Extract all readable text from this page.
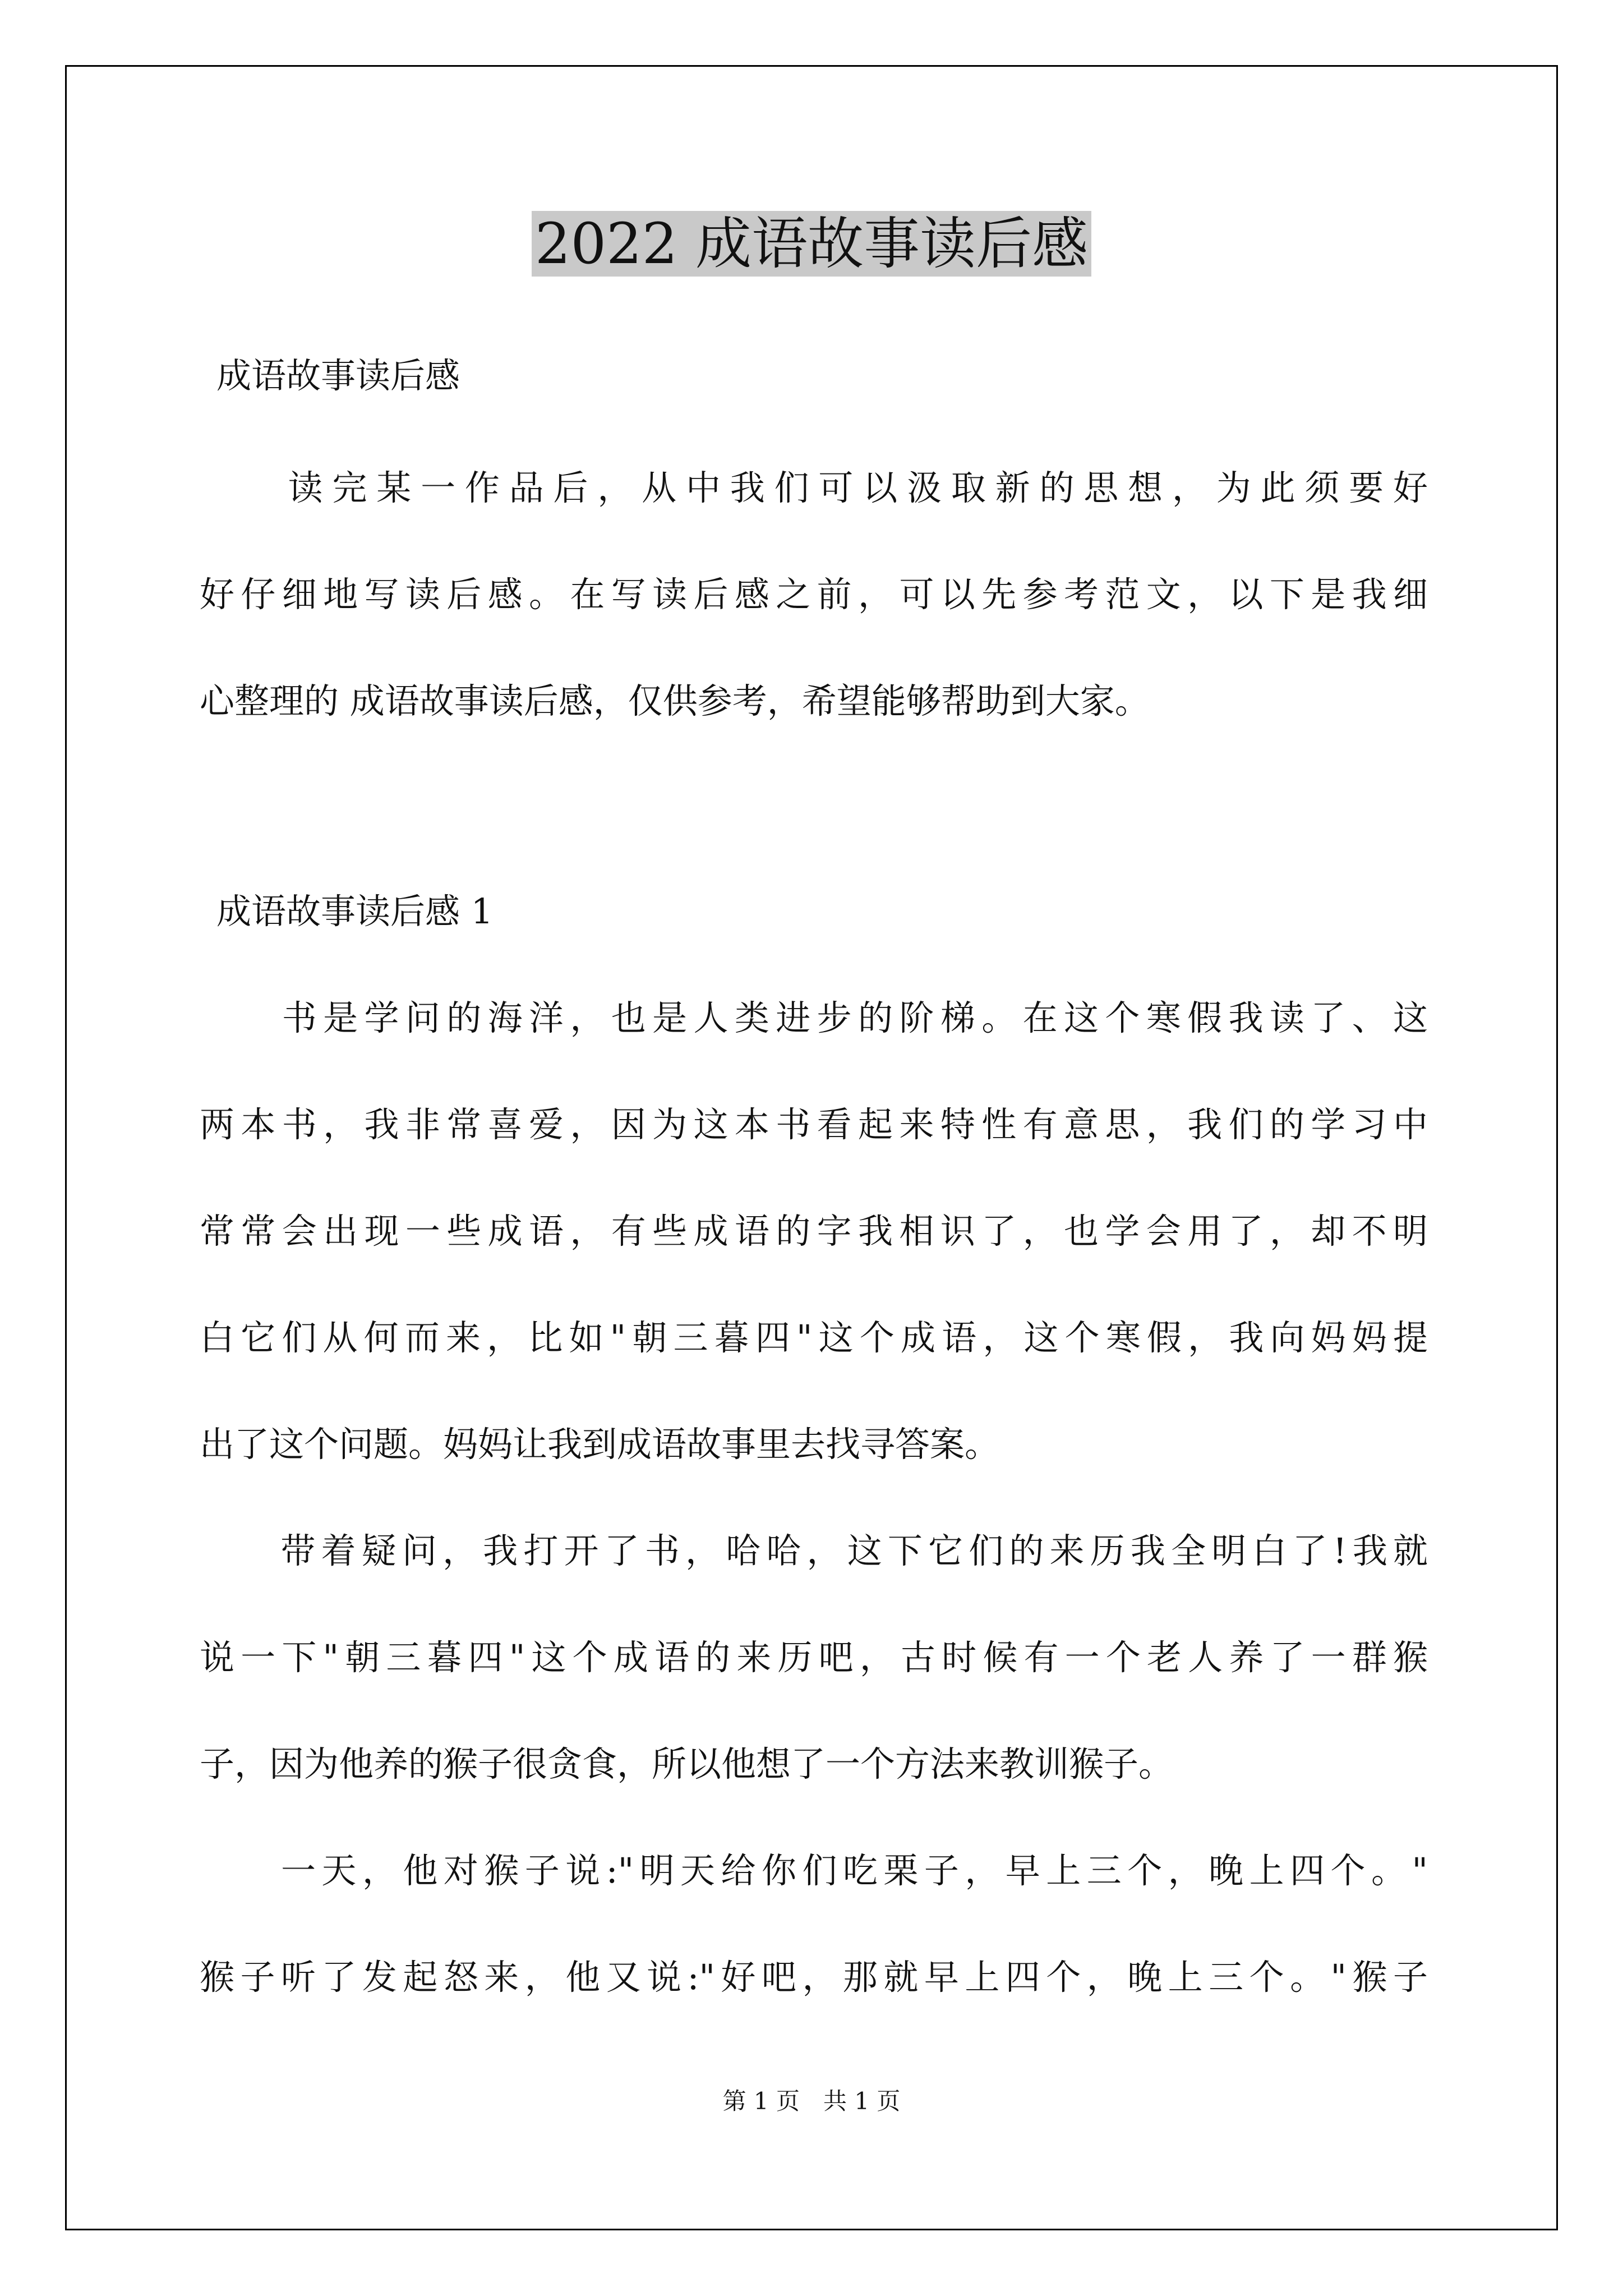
2022 成语故事读后感
成语故事读后感
　　读完某一作品后，从中我们可以汲取新的思想，为此须要好
好仔细地写读后感。在写读后感之前，可以先参考范文，以下是我细
心整理的 成语故事读后感，仅供参考，希望能够帮助到大家。
成语故事读后感 1
　　书是学问的海洋，也是人类进步的阶梯。在这个寒假我读了、这
两本书，我非常喜爱，因为这本书看起来特性有意思，我们的学习中
常常会出现一些成语，有些成语的字我相识了，也学会用了，却不明
白它们从何而来，比如"朝三暮四"这个成语，这个寒假，我向妈妈提
出了这个问题。妈妈让我到成语故事里去找寻答案。
　　带着疑问，我打开了书，哈哈，这下它们的来历我全明白了!我就
说一下"朝三暮四"这个成语的来历吧，古时候有一个老人养了一群猴
子，因为他养的猴子很贪食，所以他想了一个方法来教训猴子。
　　一天，他对猴子说:"明天给你们吃栗子，早上三个，晚上四个。"
猴子听了发起怒来，他又说:"好吧，那就早上四个，晚上三个。"猴子
第 1 页　共 1 页
